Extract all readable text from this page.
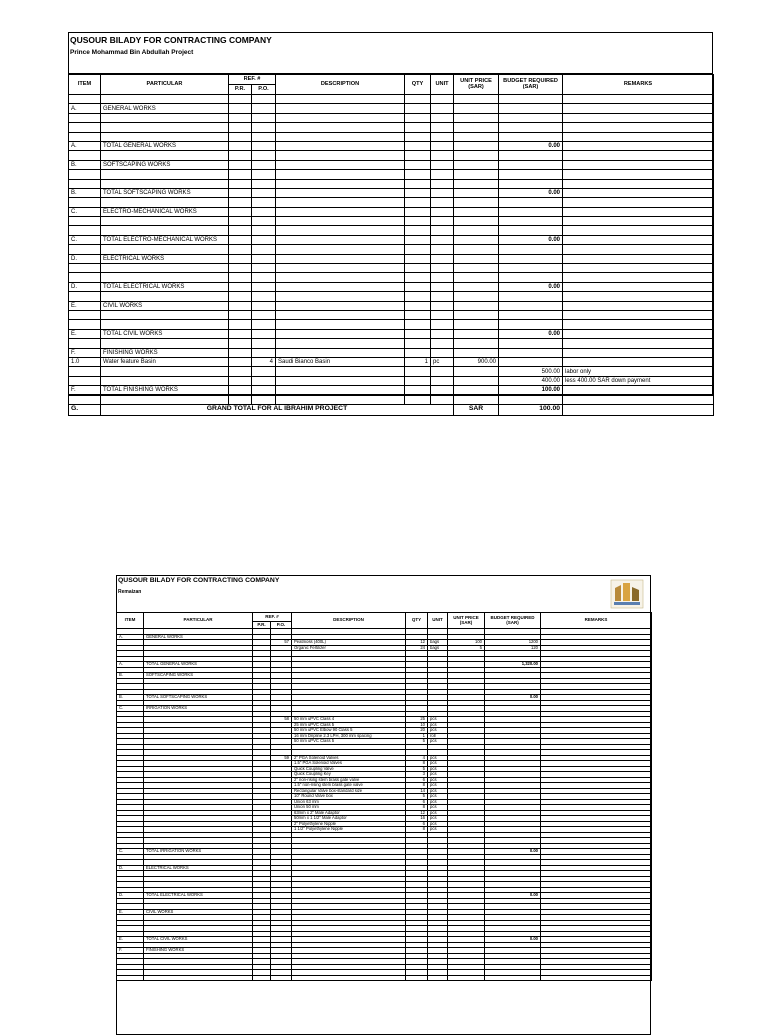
QUSOUR BILADY FOR CONTRACTING COMPANY
Prince Mohammad Bin Abdullah Project
ITEM	PARTICULAR	REF. #		DESCRIPTION	QTY	UNIT	UNIT PRICE (SAR)	BUDGET REQUIRED (SAR)	REMARKS
		P.R.	P.O.						

A.	GENERAL WORKS								

A.	TOTAL GENERAL WORKS							0.00	

B.	SOFTSCAPING WORKS								

B.	TOTAL SOFTSCAPING WORKS							0.00	

C.	ELECTRO-MECHANICAL WORKS								

C.	TOTAL ELECTRO-MECHANICAL WORKS							0.00	

D.	ELECTRICAL WORKS								

D.	TOTAL ELECTRICAL WORKS							0.00	

E.	CIVIL WORKS								

E.	TOTAL CIVIL WORKS							0.00	

F.	FINISHING WORKS								
1.0	Water feature Basin		4	Saudi Bianco Basin	1	pc	900.00		
								500.00	labor only
								400.00	less 400.00 SAR down payment
F.	TOTAL FINISHING WORKS							100.00	

G.	GRAND TOTAL FOR AL IBRAHIM PROJECT						SAR	100.00	
QUSOUR BILADY FOR CONTRACTING COMPANY
Remaizan
ITEM	PARTICULAR	REF. #		DESCRIPTION	QTY	UNIT	UNIT PRICE (SAR)	BUDGET REQUIRED (SAR)	REMARKS
		P.R.	P.O.						

A.	GENERAL WORKS								
			57	Peatmoss (400L)	12	bags	100	1200	
				Organic Fertilizer	24	bags	5	120	

A.	TOTAL GENERAL WORKS							1,320.00	

B.	SOFTSCAPING WORKS								

B.	TOTAL SOFTSCAPING WORKS							0.00	

C.	IRRIGATION WORKS								

			58	50 mm uPVC Class 4	25	pcs			
				25 mm uPVC Class 5	10	pcs			
				50 mm uPVC Elbow 90 Class 5	20	pcs			
				16 mm Dripline 2.3 LPH, 300 mm spacing	1	roll			
				50 mm uPVC Class 5	5	pcs			

			59	2" PGA Solenoid Valves	4	pcs			
				1.5" PGA Solenoid Valves	8	pcs			
				Quick Coupling Valve	5	pcs			
				Quick Coupling Key	3	pcs			
				2" non-rising stem brass gate valve	6	pcs			
				1.5" non-rising stem brass gate valve	8	pcs			
				Rectangular Valve box-standard size	14	pcs			
				10" Round Valve box	5	pcs			
				Union 63 mm	6	pcs			
				Union 50 mm	8	pcs			
				63mm x 2" Male Adaptor	12	pcs			
				50mm x 1 1/2" Male Adaptor	16	pcs			
				2" Polyethylene Nipple	6	pcs			
				1 1/2" Polyethylene Nipple	8	pcs			

C.	TOTAL IRRIGATION WORKS							0.00	

D.	ELECTRICAL WORKS								

D.	TOTAL ELECTRICAL WORKS							0.00	

E.	CIVIL WORKS								

E.	TOTAL CIVIL WORKS							0.00	

F.	FINISHING WORKS								
